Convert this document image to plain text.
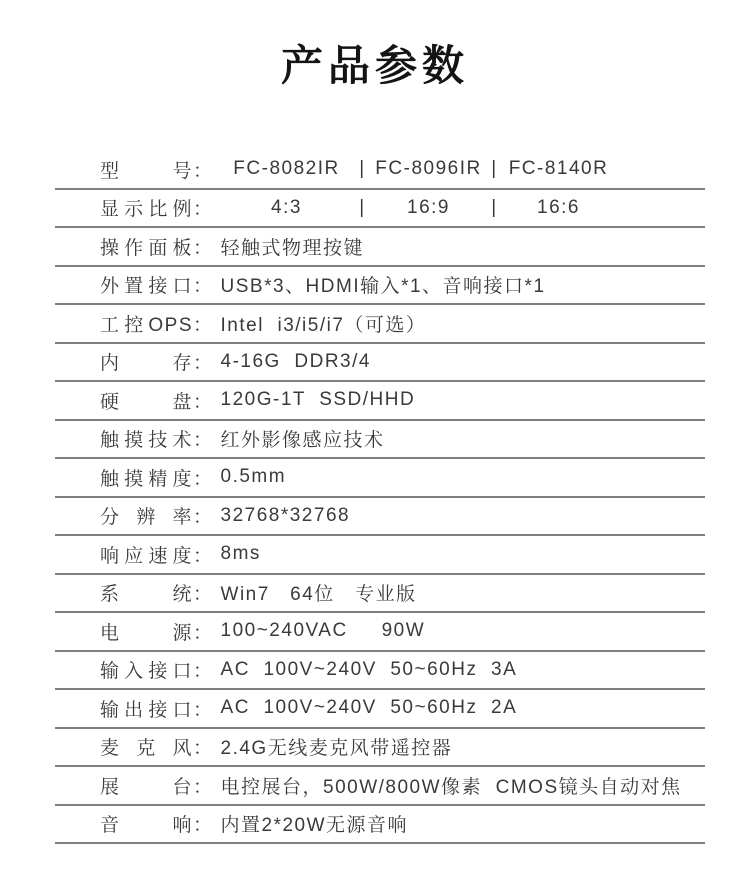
产品参数
型号 ：	FC-8082IR	| FC-8096IR | FC-8140R
显示比例 ：	4:3	|	16:9	|	16:6
操作面板 ： 轻触式物理按键
外置接口 ： USB*3、HDMI输入*1、音响接口*1
工控OPS ： Intel  i3/i5/i7（可选）
内存 ： 4-16G  DDR3/4
硬盘 ： 120G-1T  SSD/HHD
触摸技术 ： 红外影像感应技术
触摸精度 ： 0.5mm
分辨率 ： 32768*32768
响应速度 ： 8ms
系统 ： Win7   64位   专业版
电源 ： 100~240VAC     90W
输入接口 ： AC  100V~240V  50~60Hz  3A
输出接口 ： AC  100V~240V  50~60Hz  2A
麦克风 ： 2.4G无线麦克风带遥控器
展台 ： 电控展台，500W/800W像素  CMOS镜头自动对焦
音响 ： 内置2*20W无源音响
